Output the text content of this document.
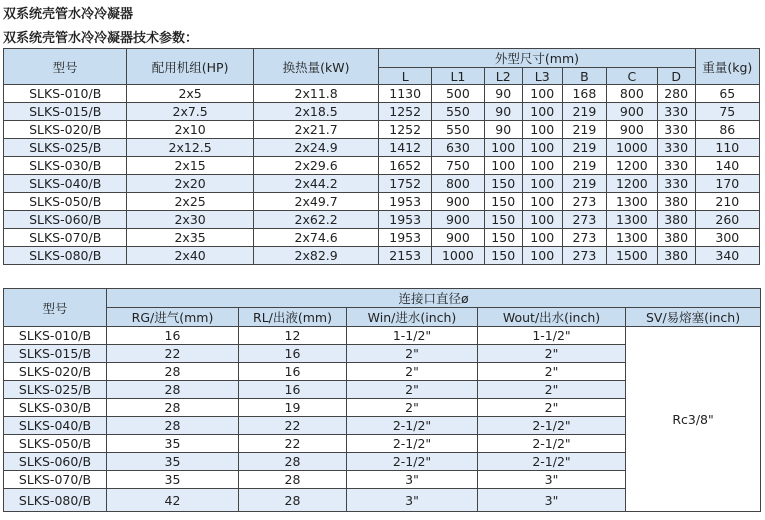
双系统壳管水冷冷凝器
双系统壳管水冷冷凝器技术参数：
型号	配用机组(HP)	换热量(kW)	外型尺寸(mm)							重量(kg)
			L	L1	L2	L3	B	C	D	
SLKS-010/B	2x5	2x11.8	1130	500	90	100	168	800	280	65
SLKS-015/B	2x7.5	2x18.5	1252	550	90	100	219	900	330	75
SLKS-020/B	2x10	2x21.7	1252	550	90	100	219	900	330	86
SLKS-025/B	2x12.5	2x24.9	1412	630	100	100	219	1000	330	110
SLKS-030/B	2x15	2x29.6	1652	750	100	100	219	1200	330	140
SLKS-040/B	2x20	2x44.2	1752	800	150	100	219	1200	330	170
SLKS-050/B	2x25	2x49.7	1953	900	150	100	273	1300	380	210
SLKS-060/B	2x30	2x62.2	1953	900	150	100	273	1300	380	260
SLKS-070/B	2x35	2x74.6	1953	900	150	100	273	1300	380	300
SLKS-080/B	2x40	2x82.9	2153	1000	150	100	273	1500	380	340
型号	连接口直径ø				
	RG/进气(mm)	RL/出液(mm)	Win/进水(inch)	Wout/出水(inch)	SV/易熔塞(inch)
SLKS-010/B	16	12	1-1/2"	1-1/2"	Rc3/8"
SLKS-015/B	22	16	2"	2"	
SLKS-020/B	28	16	2"	2"	
SLKS-025/B	28	16	2"	2"	
SLKS-030/B	28	19	2"	2"	
SLKS-040/B	28	22	2-1/2"	2-1/2"	
SLKS-050/B	35	22	2-1/2"	2-1/2"	
SLKS-060/B	35	28	2-1/2"	2-1/2"	
SLKS-070/B	35	28	3"	3"	
SLKS-080/B	42	28	3"	3"	
